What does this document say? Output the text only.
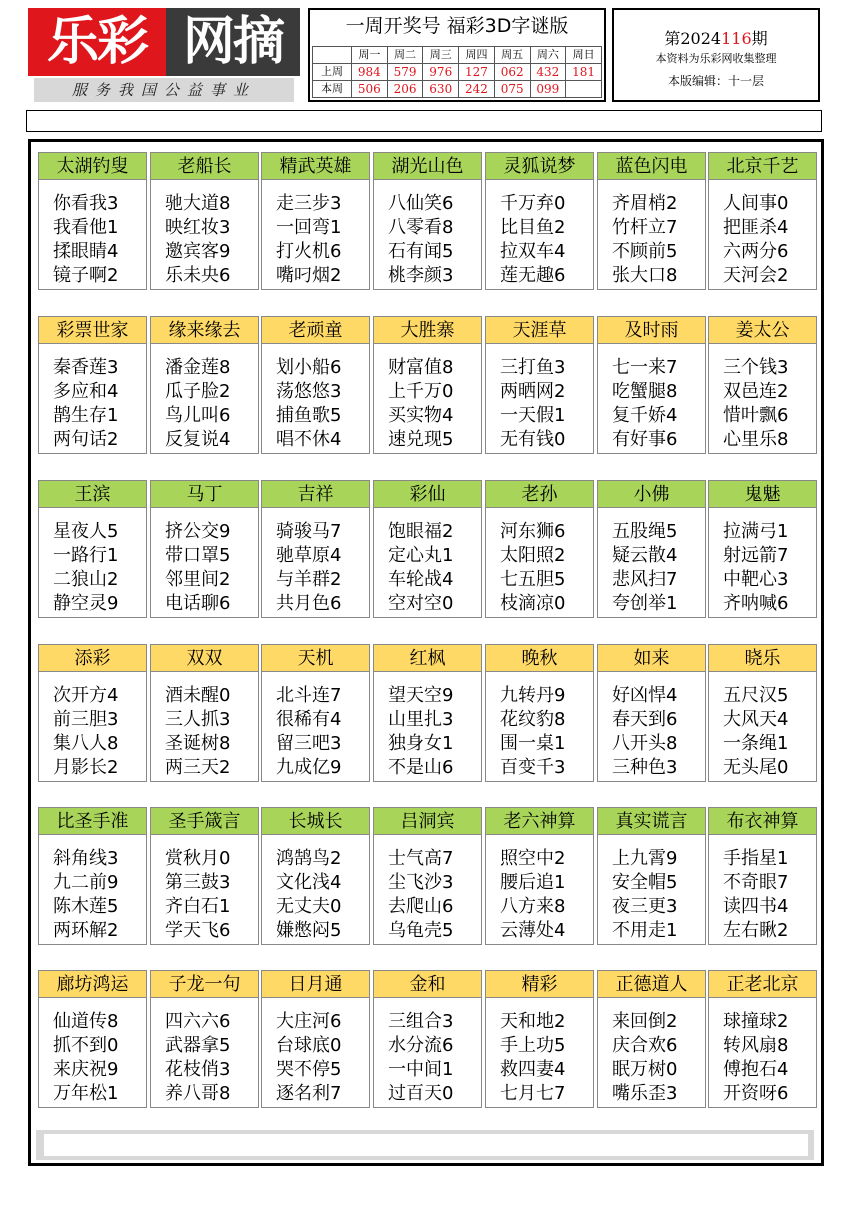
乐彩 网摘
服务我国公益事业
一周开奖号 福彩3D字谜版
	周一	周二	周三	周四	周五	周六	周日
上周	984	579	976	127	062	432	181
本周	506	206	630	242	075	099	
第2024116期
本资料为乐彩网收集整理
本版编辑：十一层
太湖钓叟
你看我3
我看他1
揉眼睛4
镜子啊2
老船长
驰大道8
映红妆3
邀宾客9
乐未央6
精武英雄
走三步3
一回弯1
打火机6
嘴叼烟2
湖光山色
八仙笑6
八零看8
石有闻5
桃李颜3
灵狐说梦
千万弃0
比目鱼2
拉双车4
莲无趣6
蓝色闪电
齐眉梢2
竹杆立7
不顾前5
张大口8
北京千艺
人间事0
把匪杀4
六两分6
天河会2
彩票世家
秦香莲3
多应和4
鹊生存1
两句话2
缘来缘去
潘金莲8
瓜子脸2
鸟儿叫6
反复说4
老顽童
划小船6
荡悠悠3
捕鱼歌5
唱不休4
大胜寨
财富值8
上千万0
买实物4
速兑现5
天涯草
三打鱼3
两晒网2
一天假1
无有钱0
及时雨
七一来7
吃蟹腿8
复千娇4
有好事6
姜太公
三个钱3
双邑连2
惜叶飘6
心里乐8
王滨
星夜人5
一路行1
二狼山2
静空灵9
马丁
挤公交9
带口罩5
邻里间2
电话聊6
吉祥
骑骏马7
驰草原4
与羊群2
共月色6
彩仙
饱眼福2
定心丸1
车轮战4
空对空0
老孙
河东狮6
太阳照2
七五胆5
枝滴凉0
小佛
五股绳5
疑云散4
悲风扫7
夸创举1
鬼魅
拉满弓1
射远箭7
中靶心3
齐呐喊6
添彩
次开方4
前三胆3
集八人8
月影长2
双双
酒未醒0
三人抓3
圣诞树8
两三天2
天机
北斗连7
很稀有4
留三吧3
九成亿9
红枫
望天空9
山里扎3
独身女1
不是山6
晚秋
九转丹9
花纹豹8
围一桌1
百变千3
如来
好凶悍4
春天到6
八开头8
三种色3
晓乐
五尺汉5
大风天4
一条绳1
无头尾0
比圣手准
斜角线3
九二前9
陈木莲5
两环解2
圣手箴言
赏秋月0
第三鼓3
齐白石1
学天飞6
长城长
鸿鹄鸟2
文化浅4
无丈夫0
嫌憋闷5
吕洞宾
士气高7
尘飞沙3
去爬山6
乌龟壳5
老六神算
照空中2
腰后追1
八方来8
云薄处4
真实谎言
上九霄9
安全帽5
夜三更3
不用走1
布衣神算
手指星1
不奇眼7
读四书4
左右瞅2
廊坊鸿运
仙道传8
抓不到0
来庆祝9
万年松1
子龙一句
四六六6
武器拿5
花枝俏3
养八哥8
日月通
大庄河6
台球底0
哭不停5
逐名利7
金和
三组合3
水分流6
一中间1
过百天0
精彩
天和地2
手上功5
救四妻4
七月七7
正德道人
来回倒2
庆合欢6
眠万树0
嘴乐歪3
正老北京
球撞球2
转风扇8
傅抱石4
开资呀6
